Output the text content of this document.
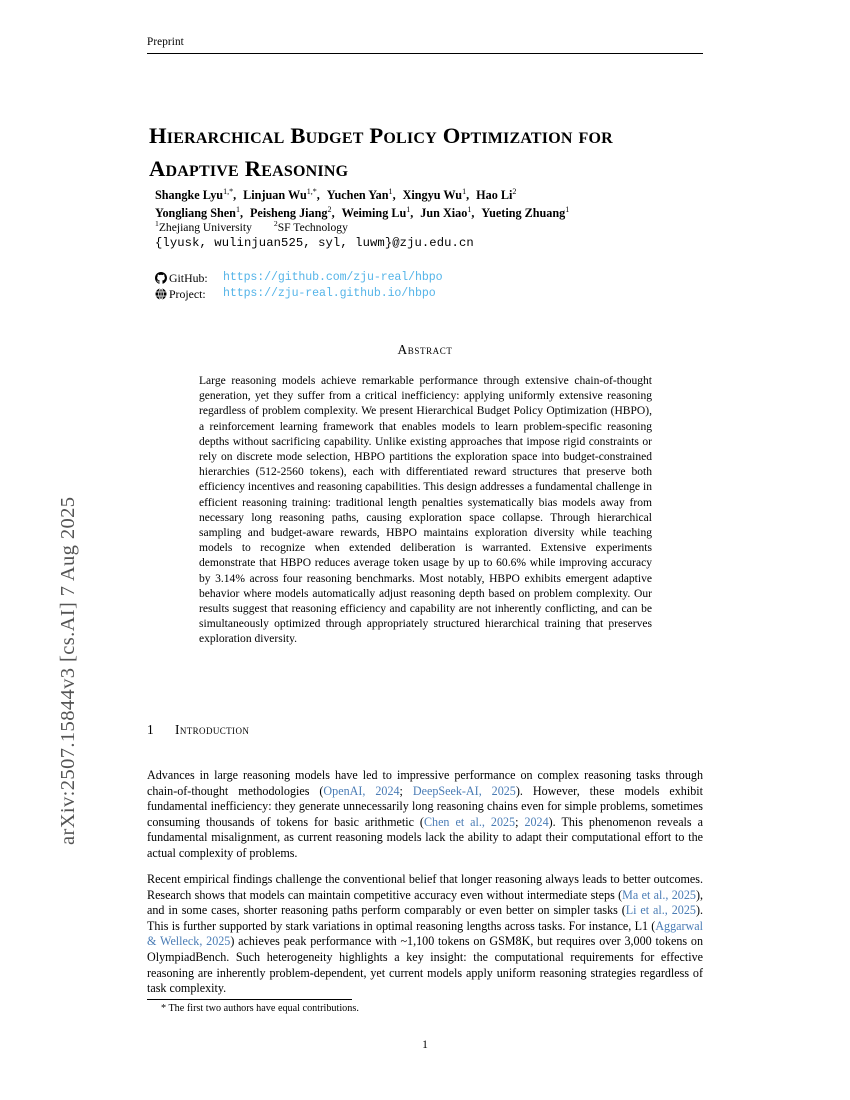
arXiv:2507.15844v3 [cs.AI] 7 Aug 2025
Preprint
Hierarchical Budget Policy Optimization for Adaptive Reasoning
Shangke Lyu$^{1,*}$, Linjuan $Wu^{1,*}$, Yuchen Yan$^1$, Xingyu Wu$^1$, Hao Li$^2$
Yongliang Shen$^1$, Peisheng Jiang$^2$, Weiming Lu$^1$, Jun Xiao$^1$, Yueting Zhuang$^1$
$^1$Zhejiang University	$^2$SF Technology
{lyusk, wulinjuan525, syl, luwm}@zju.edu.cn
GitHub:	https://github.com/zju-real/hbpo
Project:	https://zju-real.github.io/hbpo
Abstract
Large reasoning models achieve remarkable performance through extensive chain-of-thought generation, yet they suffer from a critical inefficiency: applying uniformly extensive reasoning regardless of problem complexity. We present Hierarchical Budget Policy Optimization (HBPO), a reinforcement learning framework that enables models to learn problem-specific reasoning depths without sacrificing capability. Unlike existing approaches that impose rigid constraints or rely on discrete mode selection, HBPO partitions the exploration space into budget-constrained hierarchies (512-2560 tokens), each with differentiated reward structures that preserve both efficiency incentives and reasoning capabilities. This design addresses a fundamental challenge in efficient reasoning training: traditional length penalties systematically bias models away from necessary long reasoning paths, causing exploration space collapse. Through hierarchical sampling and budget-aware rewards, HBPO maintains exploration diversity while teaching models to recognize when extended deliberation is warranted. Extensive experiments demonstrate that HBPO reduces average token usage by up to 60.6% while improving accuracy by 3.14% across four reasoning benchmarks. Most notably, HBPO exhibits emergent adaptive behavior where models automatically adjust reasoning depth based on problem complexity. Our results suggest that reasoning efficiency and capability are not inherently conflicting, and can be simultaneously optimized through appropriately structured hierarchical training that preserves exploration diversity.
1 Introduction

Advances in large reasoning models have led to impressive performance on complex reasoning tasks through chain-of-thought methodologies (OpenAI, 2024; DeepSeek-AI, 2025). However, these models exhibit fundamental inefficiency: they generate unnecessarily long reasoning chains even for simple problems, sometimes consuming thousands of tokens for basic arithmetic (Chen et al., 2025; 2024). This phenomenon reveals a fundamental misalignment, as current reasoning models lack the ability to adapt their computational effort to the actual complexity of problems.

Recent empirical findings challenge the conventional belief that longer reasoning always leads to better outcomes. Research shows that models can maintain competitive accuracy even without intermediate steps (Ma et al., 2025), and in some cases, shorter reasoning paths perform comparably or even better on simpler tasks (Li et al., 2025). This is further supported by stark variations in optimal reasoning lengths across tasks. For instance, L1 (Aggarwal & Welleck, 2025) achieves peak performance with ~1,100 tokens on GSM8K, but requires over 3,000 tokens on OlympiadBench. Such heterogeneity highlights a key insight: the computational requirements for effective reasoning are inherently problem-dependent, yet current models apply uniform reasoning strategies regardless of task complexity.

* The first two authors have equal contributions.
1
